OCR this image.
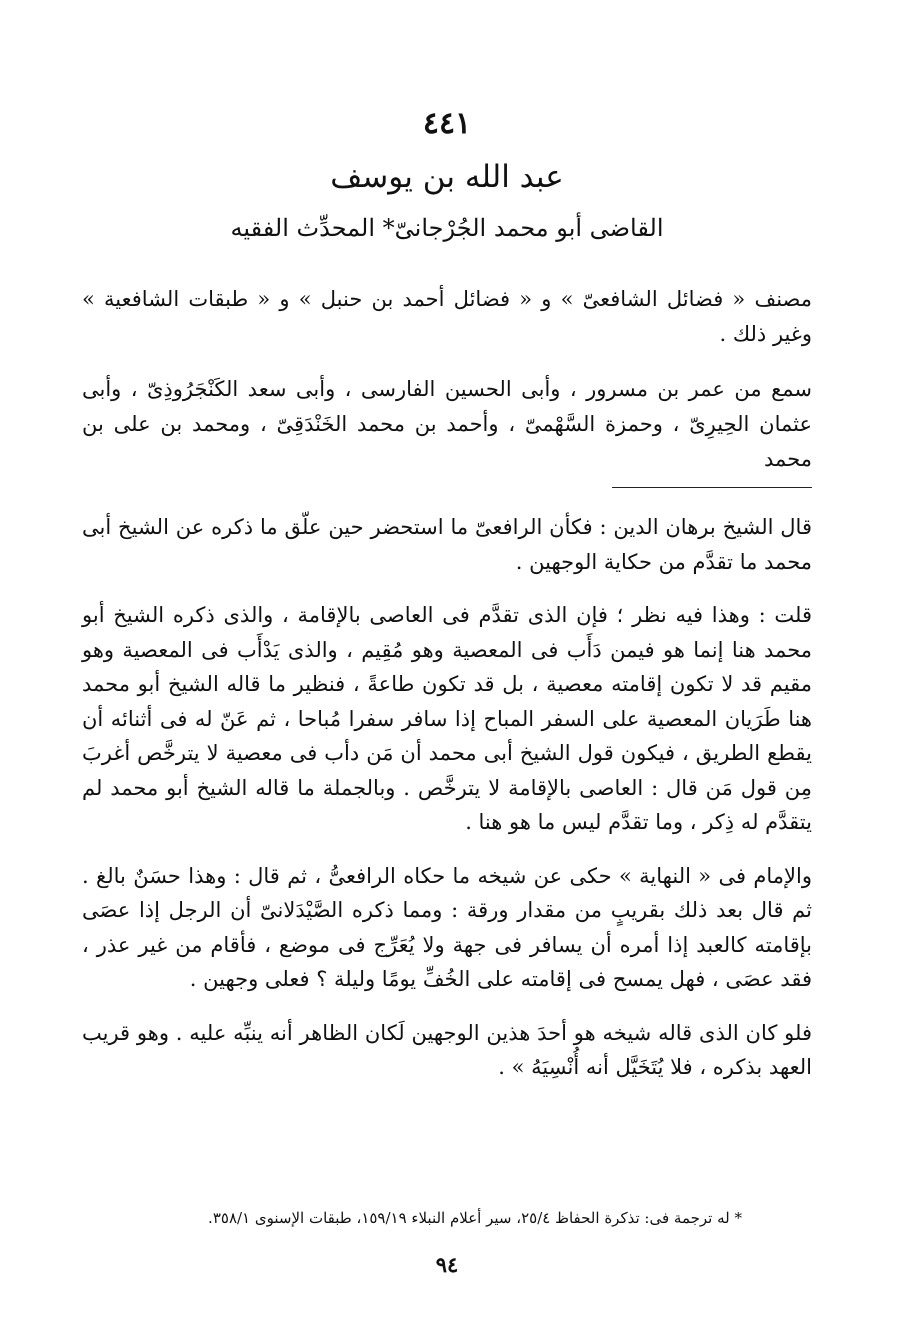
٤٤١
عبد الله بن يوسف
القاضى أبو محمد الجُرْجانىّ* المحدِّث الفقيه

مصنف « فضائل الشافعىّ » و « فضائل أحمد بن حنبل » و « طبقات الشافعية » وغير ذلك .

سمع من عمر بن مسرور ، وأبى الحسين الفارسى ، وأبى سعد الكَنْجَرُوذِىّ ، وأبى عثمان الحِيرِىّ ، وحمزة السَّهْمىّ ، وأحمد بن محمد الخَنْدَقِىّ ، ومحمد بن على بن محمد

قال الشيخ برهان الدين : فكأن الرافعىّ ما استحضر حين علّق ما ذكره عن الشيخ أبى محمد ما تقدَّم من حكاية الوجهين .

قلت : وهذا فيه نظر ؛ فإن الذى تقدَّم فى العاصى بالإقامة ، والذى ذكره الشيخ أبو محمد هنا إنما هو فيمن دَأَب فى المعصية وهو مُقِيم ، والذى يَدْأَب فى المعصية وهو مقيم قد لا تكون إقامته معصية ، بل قد تكون طاعةً ، فنظير ما قاله الشيخ أبو محمد هنا طَرَيان المعصية على السفر المباح إذا سافر سفرا مُباحا ، ثم عَنّ له فى أثنائه أن يقطع الطريق ، فيكون قول الشيخ أبى محمد أن مَن دأب فى معصية لا يترخَّص أغربَ مِن قول مَن قال : العاصى بالإقامة لا يترخَّص . وبالجملة ما قاله الشيخ أبو محمد لم يتقدَّم له ذِكر ، وما تقدَّم ليس ما هو هنا .

والإمام فى « النهاية » حكى عن شيخه ما حكاه الرافعىُّ ، ثم قال : وهذا حسَنٌ بالغ . ثم قال بعد ذلك بقريبٍ من مقدار ورقة : ومما ذكره الصَّيْدَلانىّ أن الرجل إذا عصَى بإقامته كالعبد إذا أمره أن يسافر فى جهة ولا يُعَرِّج فى موضع ، فأقام من غير عذر ، فقد عصَى ، فهل يمسح فى إقامته على الخُفِّ يومًا وليلة ؟ فعلى وجهين .

فلو كان الذى قاله شيخه هو أحدَ هذين الوجهين لَكان الظاهر أنه ينبِّه عليه . وهو قريب العهد بذكره ، فلا يُتَخَيَّل أنه أُنْسِيَهُ » .

* له ترجمة فى: تذكرة الحفاظ ٢٥/٤، سير أعلام النبلاء ١٥٩/١٩، طبقات الإسنوى ٣٥٨/١.
٩٤
